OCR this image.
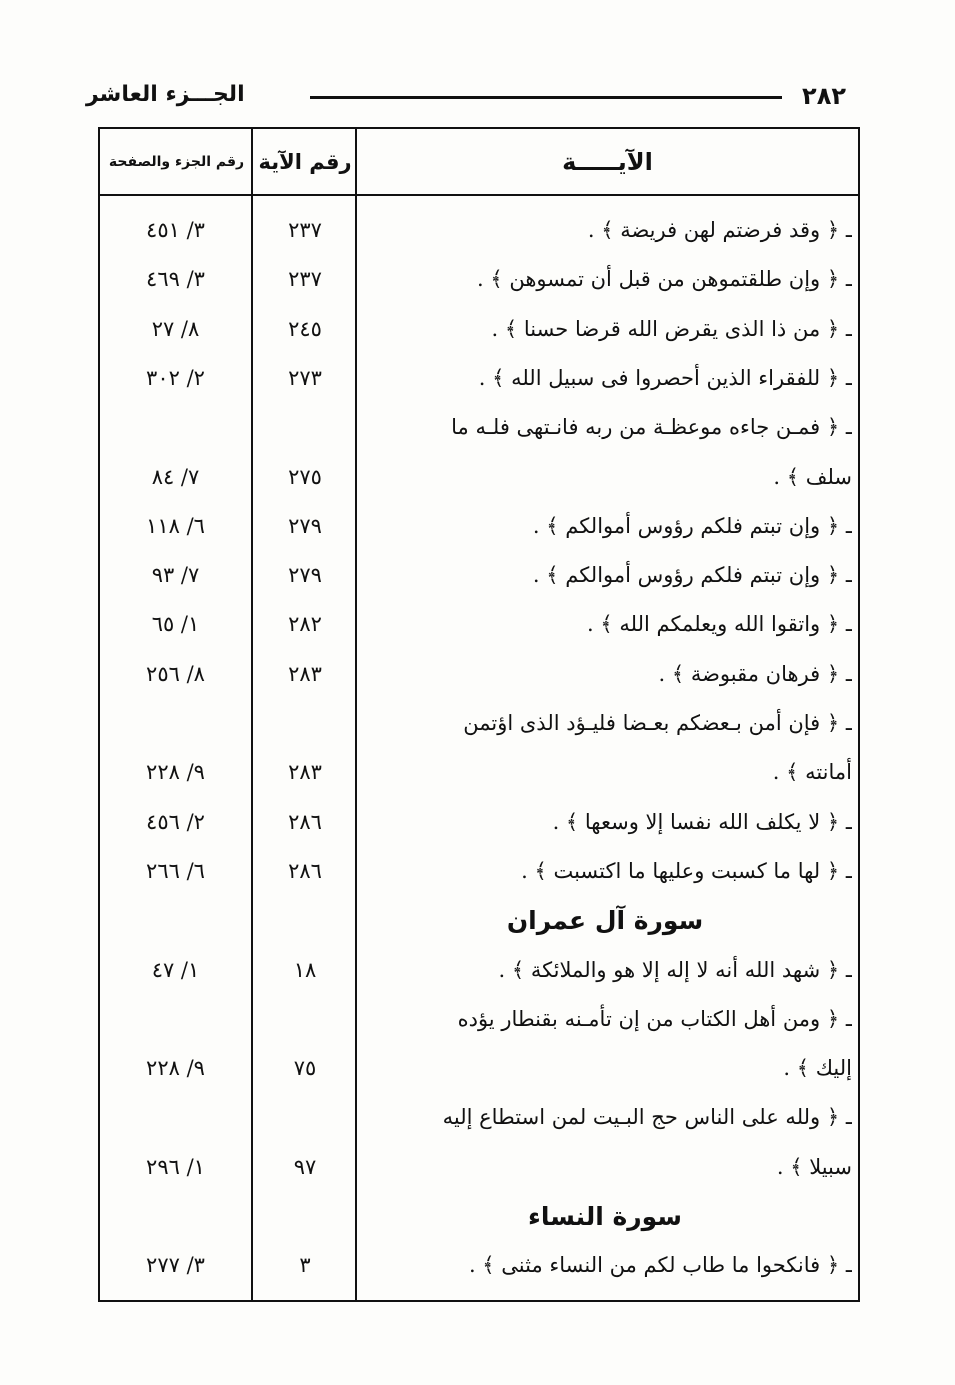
٢٨٢
الجـــزء العاشر
الآيـــــة
رقم الآية
رقم الجزء والصفحة
ـ ﴿ وقد فرضتم لهن فريضة ﴾ .
٢٣٧
٣/ ٤٥١
ـ ﴿ وإن طلقتموهن من قبل أن تمسوهن ﴾ .
٢٣٧
٣/ ٤٦٩
ـ ﴿ من ذا الذى يقرض الله قرضا حسنا ﴾ .
٢٤٥
٨/ ٢٧
ـ ﴿ للفقراء الذين أحصروا فى سبيل الله ﴾ .
٢٧٣
٢/ ٣٠٢
ـ ﴿ فمـن جاءه موعظـة من ربه فانـتهى فلـه ما
سلف ﴾ .
٢٧٥
٧/ ٨٤
ـ ﴿ وإن تبتم فلكم رؤوس أموالكم ﴾ .
٢٧٩
٦/ ١١٨
ـ ﴿ وإن تبتم فلكم رؤوس أموالكم ﴾ .
٢٧٩
٧/ ٩٣
ـ ﴿ واتقوا الله ويعلمكم الله ﴾ .
٢٨٢
١/ ٦٥
ـ ﴿ فرهان مقبوضة ﴾ .
٢٨٣
٨/ ٢٥٦
ـ ﴿ فإن أمن بـعضكم بعـضا فليـؤد الذى اؤتمن
أمانته ﴾ .
٢٨٣
٩/ ٢٢٨
ـ ﴿ لا يكلف الله نفسا إلا وسعها ﴾ .
٢٨٦
٢/ ٤٥٦
ـ ﴿ لها ما كسبت وعليها ما اكتسبت ﴾ .
٢٨٦
٦/ ٢٦٦
سورة آل عمران
ـ ﴿ شهد الله أنه لا إله إلا هو والملائكة ﴾ .
١٨
١/ ٤٧
ـ ﴿ ومن أهل الكتاب من إن تأمـنه بقنطار يؤده
إليك ﴾ .
٧٥
٩/ ٢٢٨
ـ ﴿ ولله على الناس حج البـيت لمن استطاع إليه
سبيلا ﴾ .
٩٧
١/ ٢٩٦
سورة النساء
ـ ﴿ فانكحوا ما طاب لكم من النساء مثنى ﴾ .
٣
٣/ ٢٧٧
